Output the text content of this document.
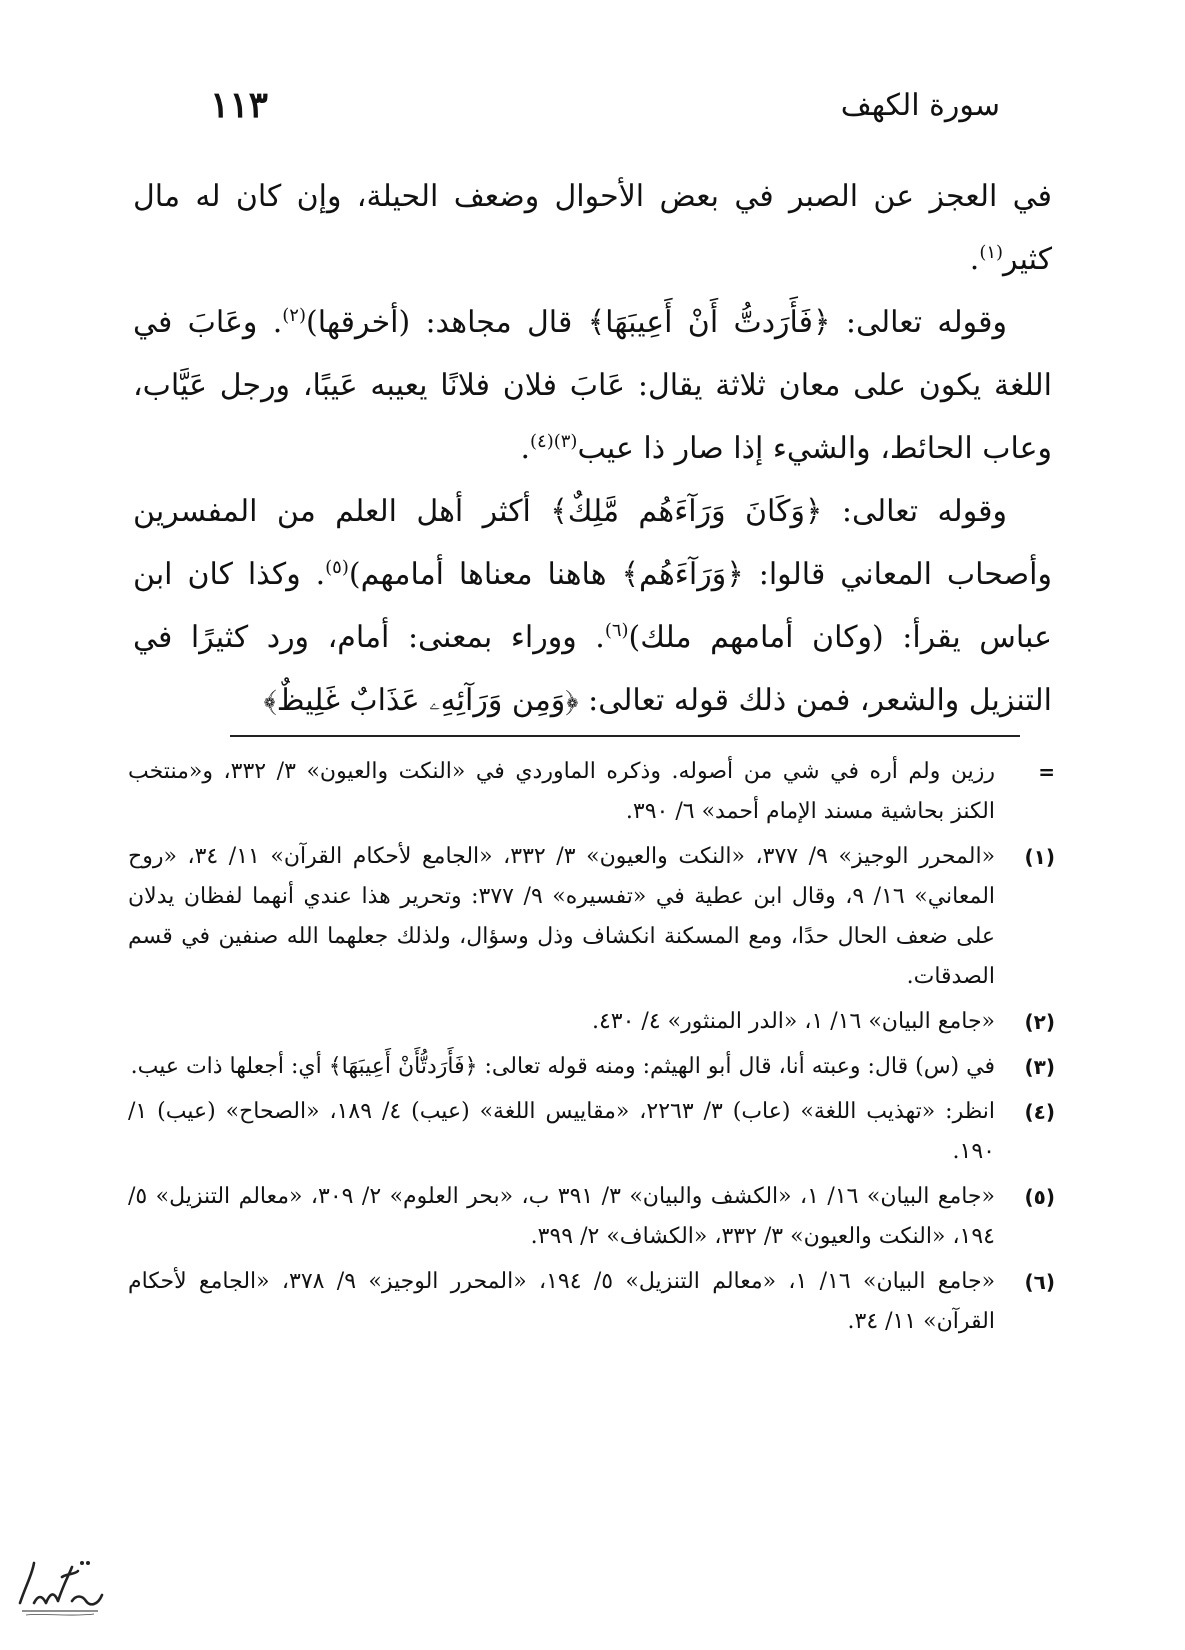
سورة الكهف
١١٣

في العجز عن الصبر في بعض الأحوال وضعف الحيلة، وإن كان له مال كثير$^{(١)}$.

وقوله تعالى: ﴿فَأَرَدتُّ أَنْ أَعِيبَهَا﴾ قال مجاهد: (أخرقها)$^{(٢)}$. وعَابَ في اللغة يكون على معان ثلاثة يقال: عَابَ فلان فلانًا يعيبه عَيبًا، ورجل عَيَّاب، وعاب الحائط، والشيء إذا صار ذا عيب$^{(٣)(٤)}$.

وقوله تعالى: ﴿وَكَانَ وَرَآءَهُم مَّلِكٌ﴾ أكثر أهل العلم من المفسرين وأصحاب المعاني قالوا: ﴿وَرَآءَهُم﴾ هاهنا معناها أمامهم)$^{(٥)}$. وكذا كان ابن عباس يقرأ: (وكان أمامهم ملك)$^{(٦)}$. ووراء بمعنى: أمام، ورد كثيرًا في التنزيل والشعر، فمن ذلك قوله تعالى: ﴿وَمِن وَرَآئِهِۦ عَذَابٌ غَلِيظٌ﴾

=
رزين ولم أره في شي من أصوله. وذكره الماوردي في «النكت والعيون» ٣/ ٣٣٢، و«منتخب الكنز بحاشية مسند الإمام أحمد» ٦/ ٣٩٠.
(١)
«المحرر الوجيز» ٩/ ٣٧٧، «النكت والعيون» ٣/ ٣٣٢، «الجامع لأحكام القرآن» ١١/ ٣٤، «روح المعاني» ١٦/ ٩، وقال ابن عطية في «تفسيره» ٩/ ٣٧٧: وتحرير هذا عندي أنهما لفظان يدلان على ضعف الحال حدًا، ومع المسكنة انكشاف وذل وسؤال، ولذلك جعلهما الله صنفين في قسم الصدقات.
(٢)
«جامع البيان» ١٦/ ١، «الدر المنثور» ٤/ ٤٣٠.
(٣)
في (س) قال: وعبته أنا، قال أبو الهيثم: ومنه قوله تعالى: ﴿فَأَرَدتُّأَنْ أَعِيبَهَا﴾ أي: أجعلها ذات عيب.
(٤)
انظر: «تهذيب اللغة» (عاب) ٣/ ٢٢٦٣، «مقاييس اللغة» (عيب) ٤/ ١٨٩، «الصحاح» (عيب) ١/ ١٩٠.
(٥)
«جامع البيان» ١٦/ ١، «الكشف والبيان» ٣/ ٣٩١ ب، «بحر العلوم» ٢/ ٣٠٩، «معالم التنزيل» ٥/ ١٩٤، «النكت والعيون» ٣/ ٣٣٢، «الكشاف» ٢/ ٣٩٩.
(٦)
«جامع البيان» ١٦/ ١، «معالم التنزيل» ٥/ ١٩٤، «المحرر الوجيز» ٩/ ٣٧٨، «الجامع لأحكام القرآن» ١١/ ٣٤.
